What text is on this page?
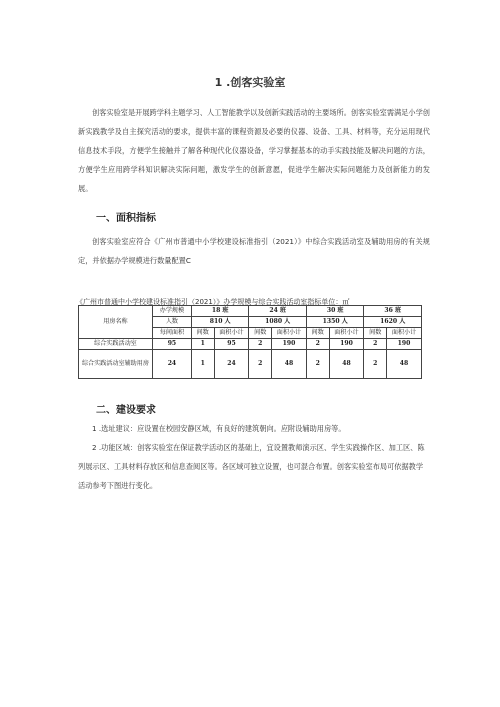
1 .创客实验室

创客实验室是开展跨学科主题学习、人工智能教学以及创新实践活动的主要场所。创客实验室需满足小学创新实践教学及自主探究活动的要求，提供丰富的课程资源及必要的仪器、设备、工具、材料等，充分运用现代信息技术手段，方便学生接触并了解各种现代化仪器设备，学习掌握基本的动手实践技能及解决问题的方法，方便学生应用跨学科知识解决实际问题，激发学生的创新意愿，促进学生解决实际问题能力及创新能力的发展。

一、面积指标

创客实验室应符合《广州市普通中小学校建设标准指引（2021）》中综合实践活动室及辅助用房的有关规定，并依据办学规模进行数量配置C

《广州市普通中小学校建设标准指引（2021）》办学规模与综合实践活动室指标单位：㎡
用房名称	办学规模	18 班		24 班		30 班		36 班	
	人数	810 人		1080 人		1350 人		1620 人	
	每间面积	间数	面积小计	间数	面积小计	间数	面积小计	间数	面积小计
综合实践活动室	95	1	95	2	190	2	190	2	190
综合实践活动室辅助用房	24	1	24	2	48	2	48	2	48
二、建设要求

1 .选址建议：应设置在校园安静区域，有良好的建筑朝向。应附设辅助用房等。

2 .功能区域：创客实验室在保证教学活动区的基础上，宜设置教师演示区、学生实践操作区、加工区、陈列展示区、工具材料存放区和信息查阅区等。各区域可独立设置，也可混合布置。创客实验室布局可依据教学活动参考下图进行变化。
